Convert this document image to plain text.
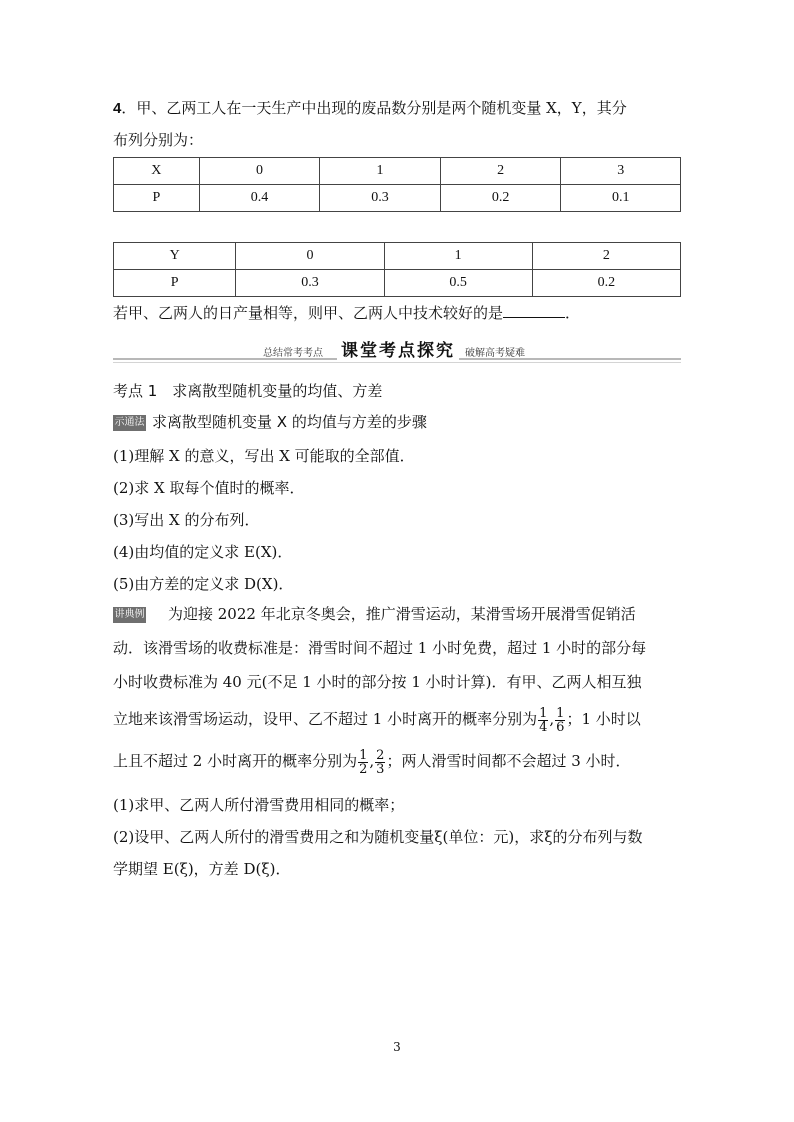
4．甲、乙两工人在一天生产中出现的废品数分别是两个随机变量 X，Y，其分
布列分别为：
X	0	1	2	3
P	0.4	0.3	0.2	0.1
Y	0	1	2
P	0.3	0.5	0.2
若甲、乙两人的日产量相等，则甲、乙两人中技术较好的是	．
总结常考考点 课堂考点探究	破解高考疑难
考点 1　求离散型随机变量的均值、方差
示通法 求离散型随机变量 X 的均值与方差的步骤
(1)理解 X 的意义，写出 X 可能取的全部值．
(2)求 X 取每个值时的概率．
(3)写出 X 的分布列．
(4)由均值的定义求 E(X)．
(5)由方差的定义求 D(X)．
讲典例 为迎接 2022 年北京冬奥会，推广滑雪运动，某滑雪场开展滑雪促销活
动．该滑雪场的收费标准是：滑雪时间不超过 1 小时免费，超过 1 小时的部分每
小时收费标准为 40 元(不足 1 小时的部分按 1 小时计算)．有甲、乙两人相互独
立地来该滑雪场运动，设甲、乙不超过 1 小时离开的概率分别为 $\frac{1}{4}$ , $\frac{1}{6}$ ；1 小时以
上且不超过 2 小时离开的概率分别为 $\frac{1}{2}$ , $\frac{2}{3}$ ；两人滑雪时间都不会超过 3 小时．
(1)求甲、乙两人所付滑雪费用相同的概率；
(2)设甲、乙两人所付的滑雪费用之和为随机变量ξ(单位：元)，求ξ的分布列与数
学期望 E(ξ)，方差 D(ξ)．
3
